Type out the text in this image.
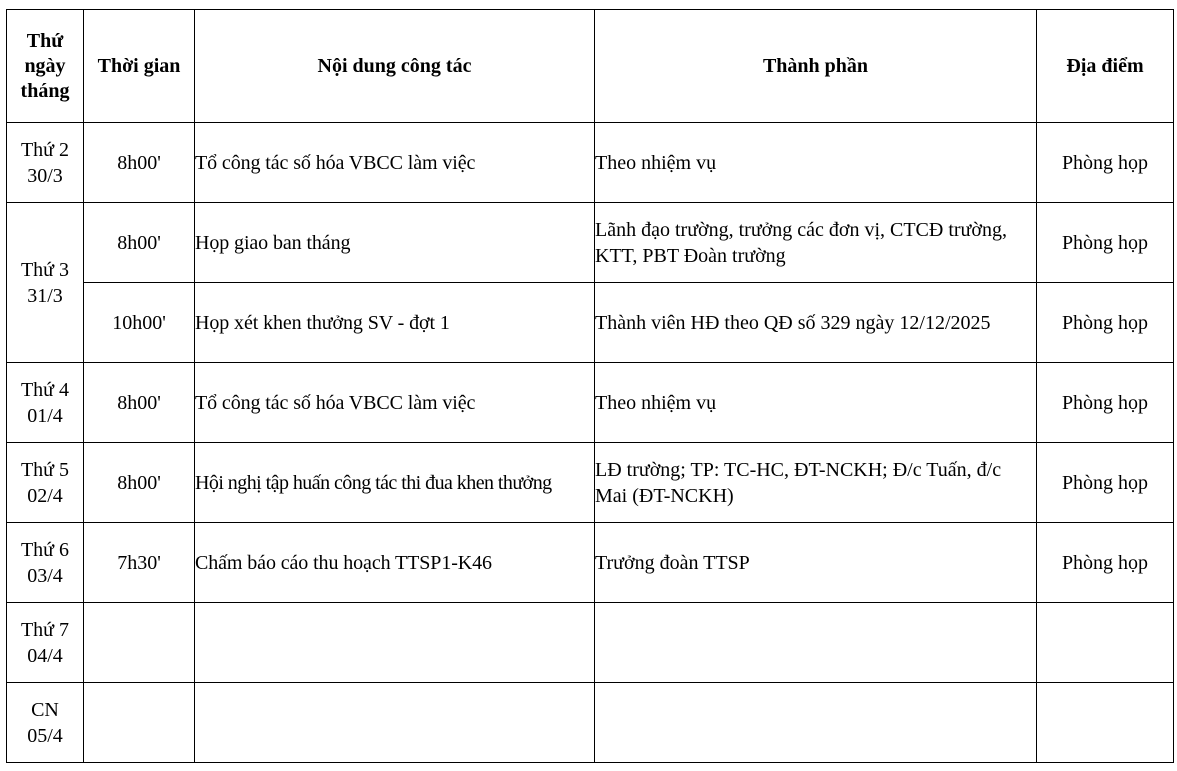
Thứ
ngày
tháng	Thời gian	Nội dung công tác	Thành phần	Địa điểm

Thứ 2
30/3	8h00'	Tổ công tác số hóa VBCC làm việc	Theo nhiệm vụ	Phòng họp

Thứ 3
31/3	8h00'	Họp giao ban tháng	Lãnh đạo trường, trưởng các đơn vị, CTCĐ trường, KTT, PBT Đoàn trường	Phòng họp
	10h00'	Họp xét khen thưởng SV - đợt 1	Thành viên HĐ theo QĐ số 329 ngày 12/12/2025	Phòng họp

Thứ 4
01/4	8h00'	Tổ công tác số hóa VBCC làm việc	Theo nhiệm vụ	Phòng họp

Thứ 5
02/4	8h00'	Hội nghị tập huấn công tác thi đua khen thưởng	LĐ trường; TP: TC-HC, ĐT-NCKH; Đ/c Tuấn, đ/c Mai (ĐT-NCKH)	Phòng họp

Thứ 6
03/4	7h30'	Chấm báo cáo thu hoạch TTSP1-K46	Trưởng đoàn TTSP	Phòng họp

Thứ 7
04/4				

CN
05/4				
